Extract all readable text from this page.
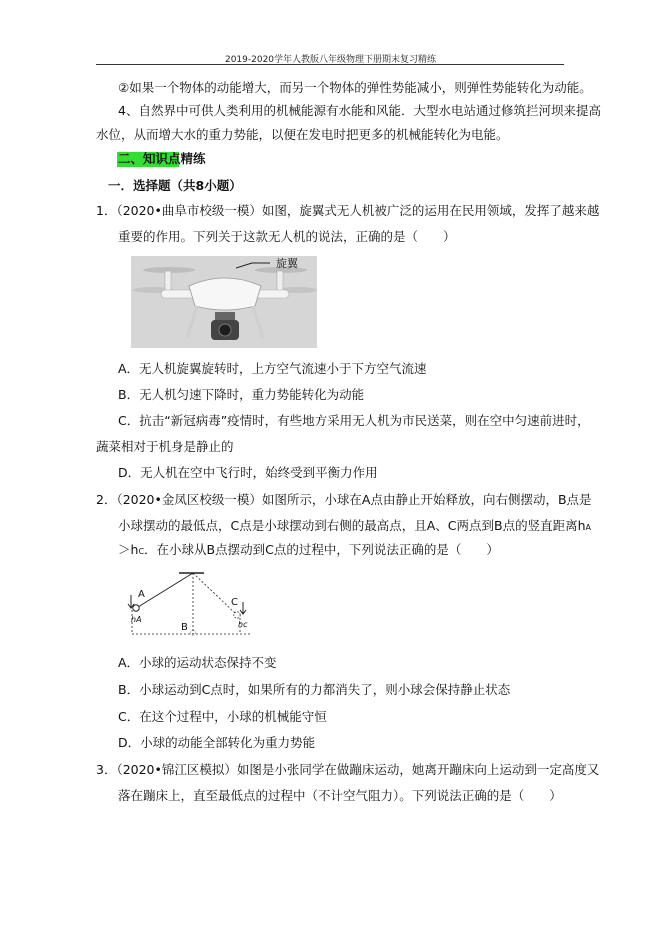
2019-2020学年人教版八年级物理下册期末复习精练
②如果一个物体的动能增大，而另一个物体的弹性势能减小，则弹性势能转化为动能。
4、自然界中可供人类利用的机械能源有水能和风能．大型水电站通过修筑拦河坝来提高
水位，从而增大水的重力势能，以便在发电时把更多的机械能转化为电能。
二、知识点精练
一．选择题（共8小题）
1．（2020•曲阜市校级一模）如图，旋翼式无人机被广泛的运用在民用领域，发挥了越来越
重要的作用。下列关于这款无人机的说法，正确的是（　　）
旋翼
A．无人机旋翼旋转时，上方空气流速小于下方空气流速
B．无人机匀速下降时，重力势能转化为动能
C．抗击“新冠病毒”疫情时，有些地方采用无人机为市民送菜，则在空中匀速前进时，
蔬菜相对于机身是静止的
D．无人机在空中飞行时，始终受到平衡力作用
2．（2020•金凤区校级一模）如图所示，小球在A点由静止开始释放，向右侧摆动，B点是
小球摆动的最低点，C点是小球摆动到右侧的最高点，且A、C两点到B点的竖直距离hA
＞hC．在小球从B点摆动到C点的过程中，下列说法正确的是（　　）
A
C
B
hA
hc
A．小球的运动状态保持不变
B．小球运动到C点时，如果所有的力都消失了，则小球会保持静止状态
C．在这个过程中，小球的机械能守恒
D．小球的动能全部转化为重力势能
3．（2020•锦江区模拟）如图是小张同学在做蹦床运动，她离开蹦床向上运动到一定高度又
落在蹦床上，直至最低点的过程中（不计空气阻力）。下列说法正确的是（　　）
